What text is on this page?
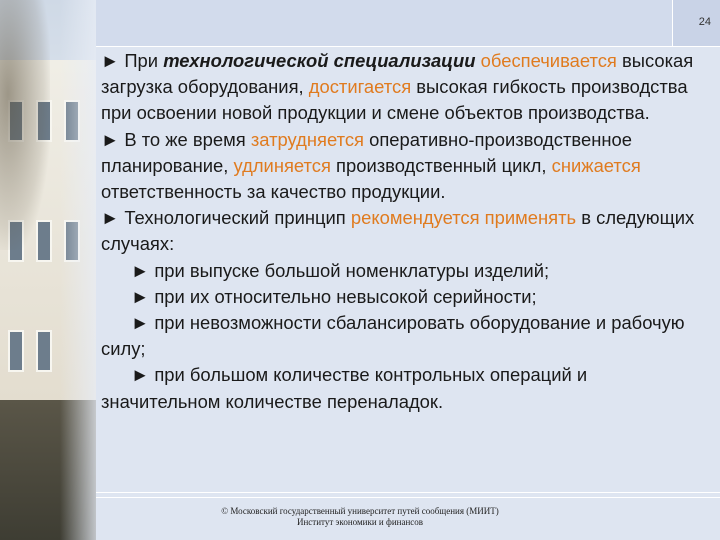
24

► При технологической специализации обеспечивается высокая загрузка оборудования, достигается высокая гибкость производства при освоении новой продукции и смене объектов производства.

► В то же время затрудняется оперативно-производственное планирование, удлиняется производственный цикл, снижается ответственность за качество продукции.

► Технологический принцип рекомендуется применять в следующих случаях:

► при выпуске большой номенклатуры изделий;

► при их относительно невысокой серийности;

► при невозможности сбалансировать оборудование и рабочую силу;

► при большом количестве контрольных операций и значительном количестве переналадок.

© Московский государственный университет путей сообщения (МИИТ)
Институт экономики и финансов
